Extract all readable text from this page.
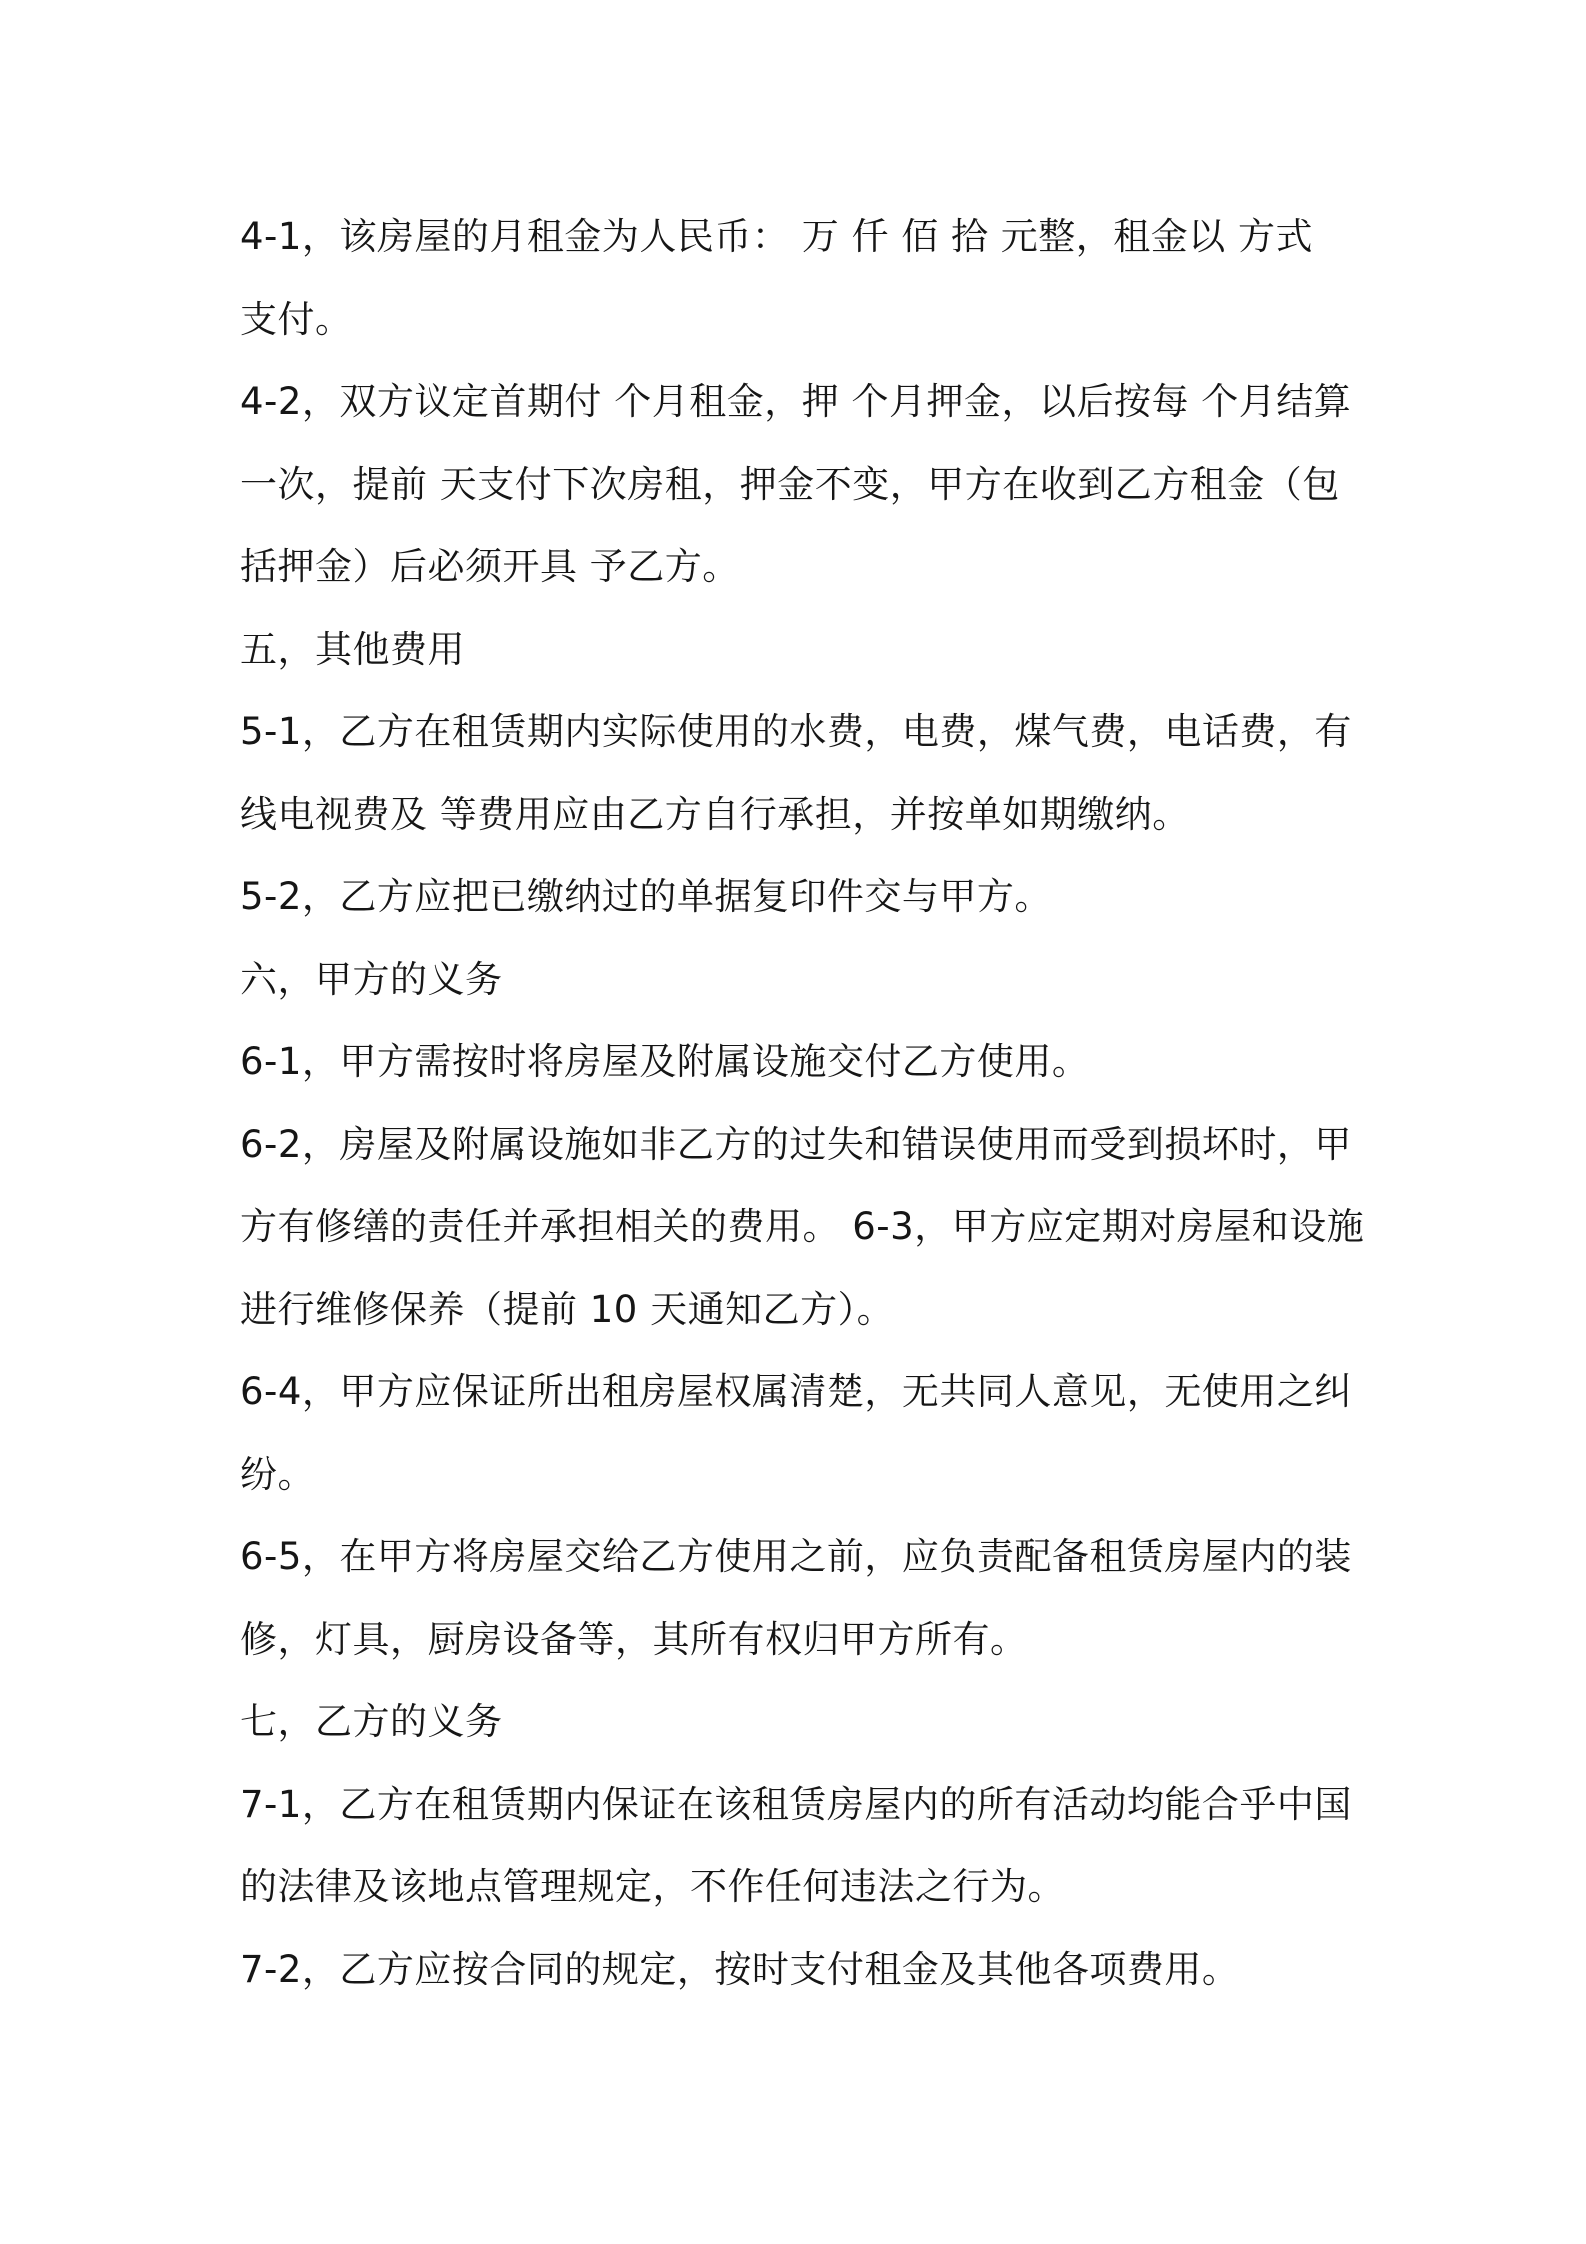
4-1，该房屋的月租金为人民币： 万 仟 佰 拾 元整，租金以 方式
支付。
4-2，双方议定首期付 个月租金，押 个月押金，以后按每 个月结算
一次，提前 天支付下次房租，押金不变，甲方在收到乙方租金（包
括押金）后必须开具 予乙方。
五，其他费用
5-1，乙方在租赁期内实际使用的水费，电费，煤气费，电话费，有
线电视费及 等费用应由乙方自行承担，并按单如期缴纳。
5-2，乙方应把已缴纳过的单据复印件交与甲方。
六，甲方的义务
6-1，甲方需按时将房屋及附属设施交付乙方使用。
6-2，房屋及附属设施如非乙方的过失和错误使用而受到损坏时，甲
方有修缮的责任并承担相关的费用。 6-3，甲方应定期对房屋和设施
进行维修保养（提前 10 天通知乙方）。
6-4，甲方应保证所出租房屋权属清楚，无共同人意见，无使用之纠
纷。
6-5，在甲方将房屋交给乙方使用之前，应负责配备租赁房屋内的装
修，灯具，厨房设备等，其所有权归甲方所有。
七，乙方的义务
7-1，乙方在租赁期内保证在该租赁房屋内的所有活动均能合乎中国
的法律及该地点管理规定，不作任何违法之行为。
7-2，乙方应按合同的规定，按时支付租金及其他各项费用。
